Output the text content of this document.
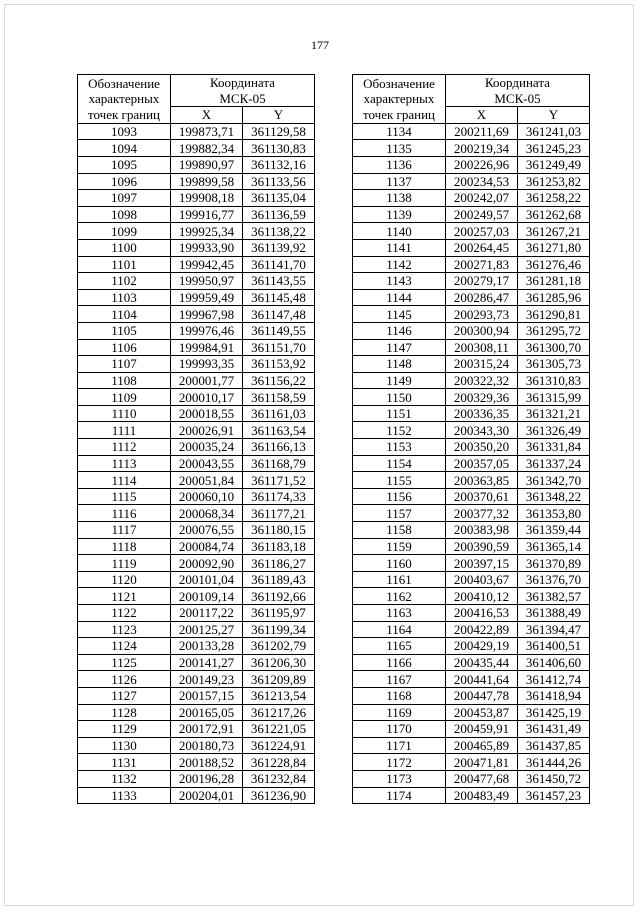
177
Обозначение
характерных
точек границ	Координата
МСК-05	

	X	Y
1093	199873,71	361129,58
1094	199882,34	361130,83
1095	199890,97	361132,16
1096	199899,58	361133,56
1097	199908,18	361135,04
1098	199916,77	361136,59
1099	199925,34	361138,22
1100	199933,90	361139,92
1101	199942,45	361141,70
1102	199950,97	361143,55
1103	199959,49	361145,48
1104	199967,98	361147,48
1105	199976,46	361149,55
1106	199984,91	361151,70
1107	199993,35	361153,92
1108	200001,77	361156,22
1109	200010,17	361158,59
1110	200018,55	361161,03
1111	200026,91	361163,54
1112	200035,24	361166,13
1113	200043,55	361168,79
1114	200051,84	361171,52
1115	200060,10	361174,33
1116	200068,34	361177,21
1117	200076,55	361180,15
1118	200084,74	361183,18
1119	200092,90	361186,27
1120	200101,04	361189,43
1121	200109,14	361192,66
1122	200117,22	361195,97
1123	200125,27	361199,34
1124	200133,28	361202,79
1125	200141,27	361206,30
1126	200149,23	361209,89
1127	200157,15	361213,54
1128	200165,05	361217,26
1129	200172,91	361221,05
1130	200180,73	361224,91
1131	200188,52	361228,84
1132	200196,28	361232,84
1133	200204,01	361236,90
Обозначение
характерных
точек границ	Координата
МСК-05	

	X	Y
1134	200211,69	361241,03
1135	200219,34	361245,23
1136	200226,96	361249,49
1137	200234,53	361253,82
1138	200242,07	361258,22
1139	200249,57	361262,68
1140	200257,03	361267,21
1141	200264,45	361271,80
1142	200271,83	361276,46
1143	200279,17	361281,18
1144	200286,47	361285,96
1145	200293,73	361290,81
1146	200300,94	361295,72
1147	200308,11	361300,70
1148	200315,24	361305,73
1149	200322,32	361310,83
1150	200329,36	361315,99
1151	200336,35	361321,21
1152	200343,30	361326,49
1153	200350,20	361331,84
1154	200357,05	361337,24
1155	200363,85	361342,70
1156	200370,61	361348,22
1157	200377,32	361353,80
1158	200383,98	361359,44
1159	200390,59	361365,14
1160	200397,15	361370,89
1161	200403,67	361376,70
1162	200410,12	361382,57
1163	200416,53	361388,49
1164	200422,89	361394,47
1165	200429,19	361400,51
1166	200435,44	361406,60
1167	200441,64	361412,74
1168	200447,78	361418,94
1169	200453,87	361425,19
1170	200459,91	361431,49
1171	200465,89	361437,85
1172	200471,81	361444,26
1173	200477,68	361450,72
1174	200483,49	361457,23
